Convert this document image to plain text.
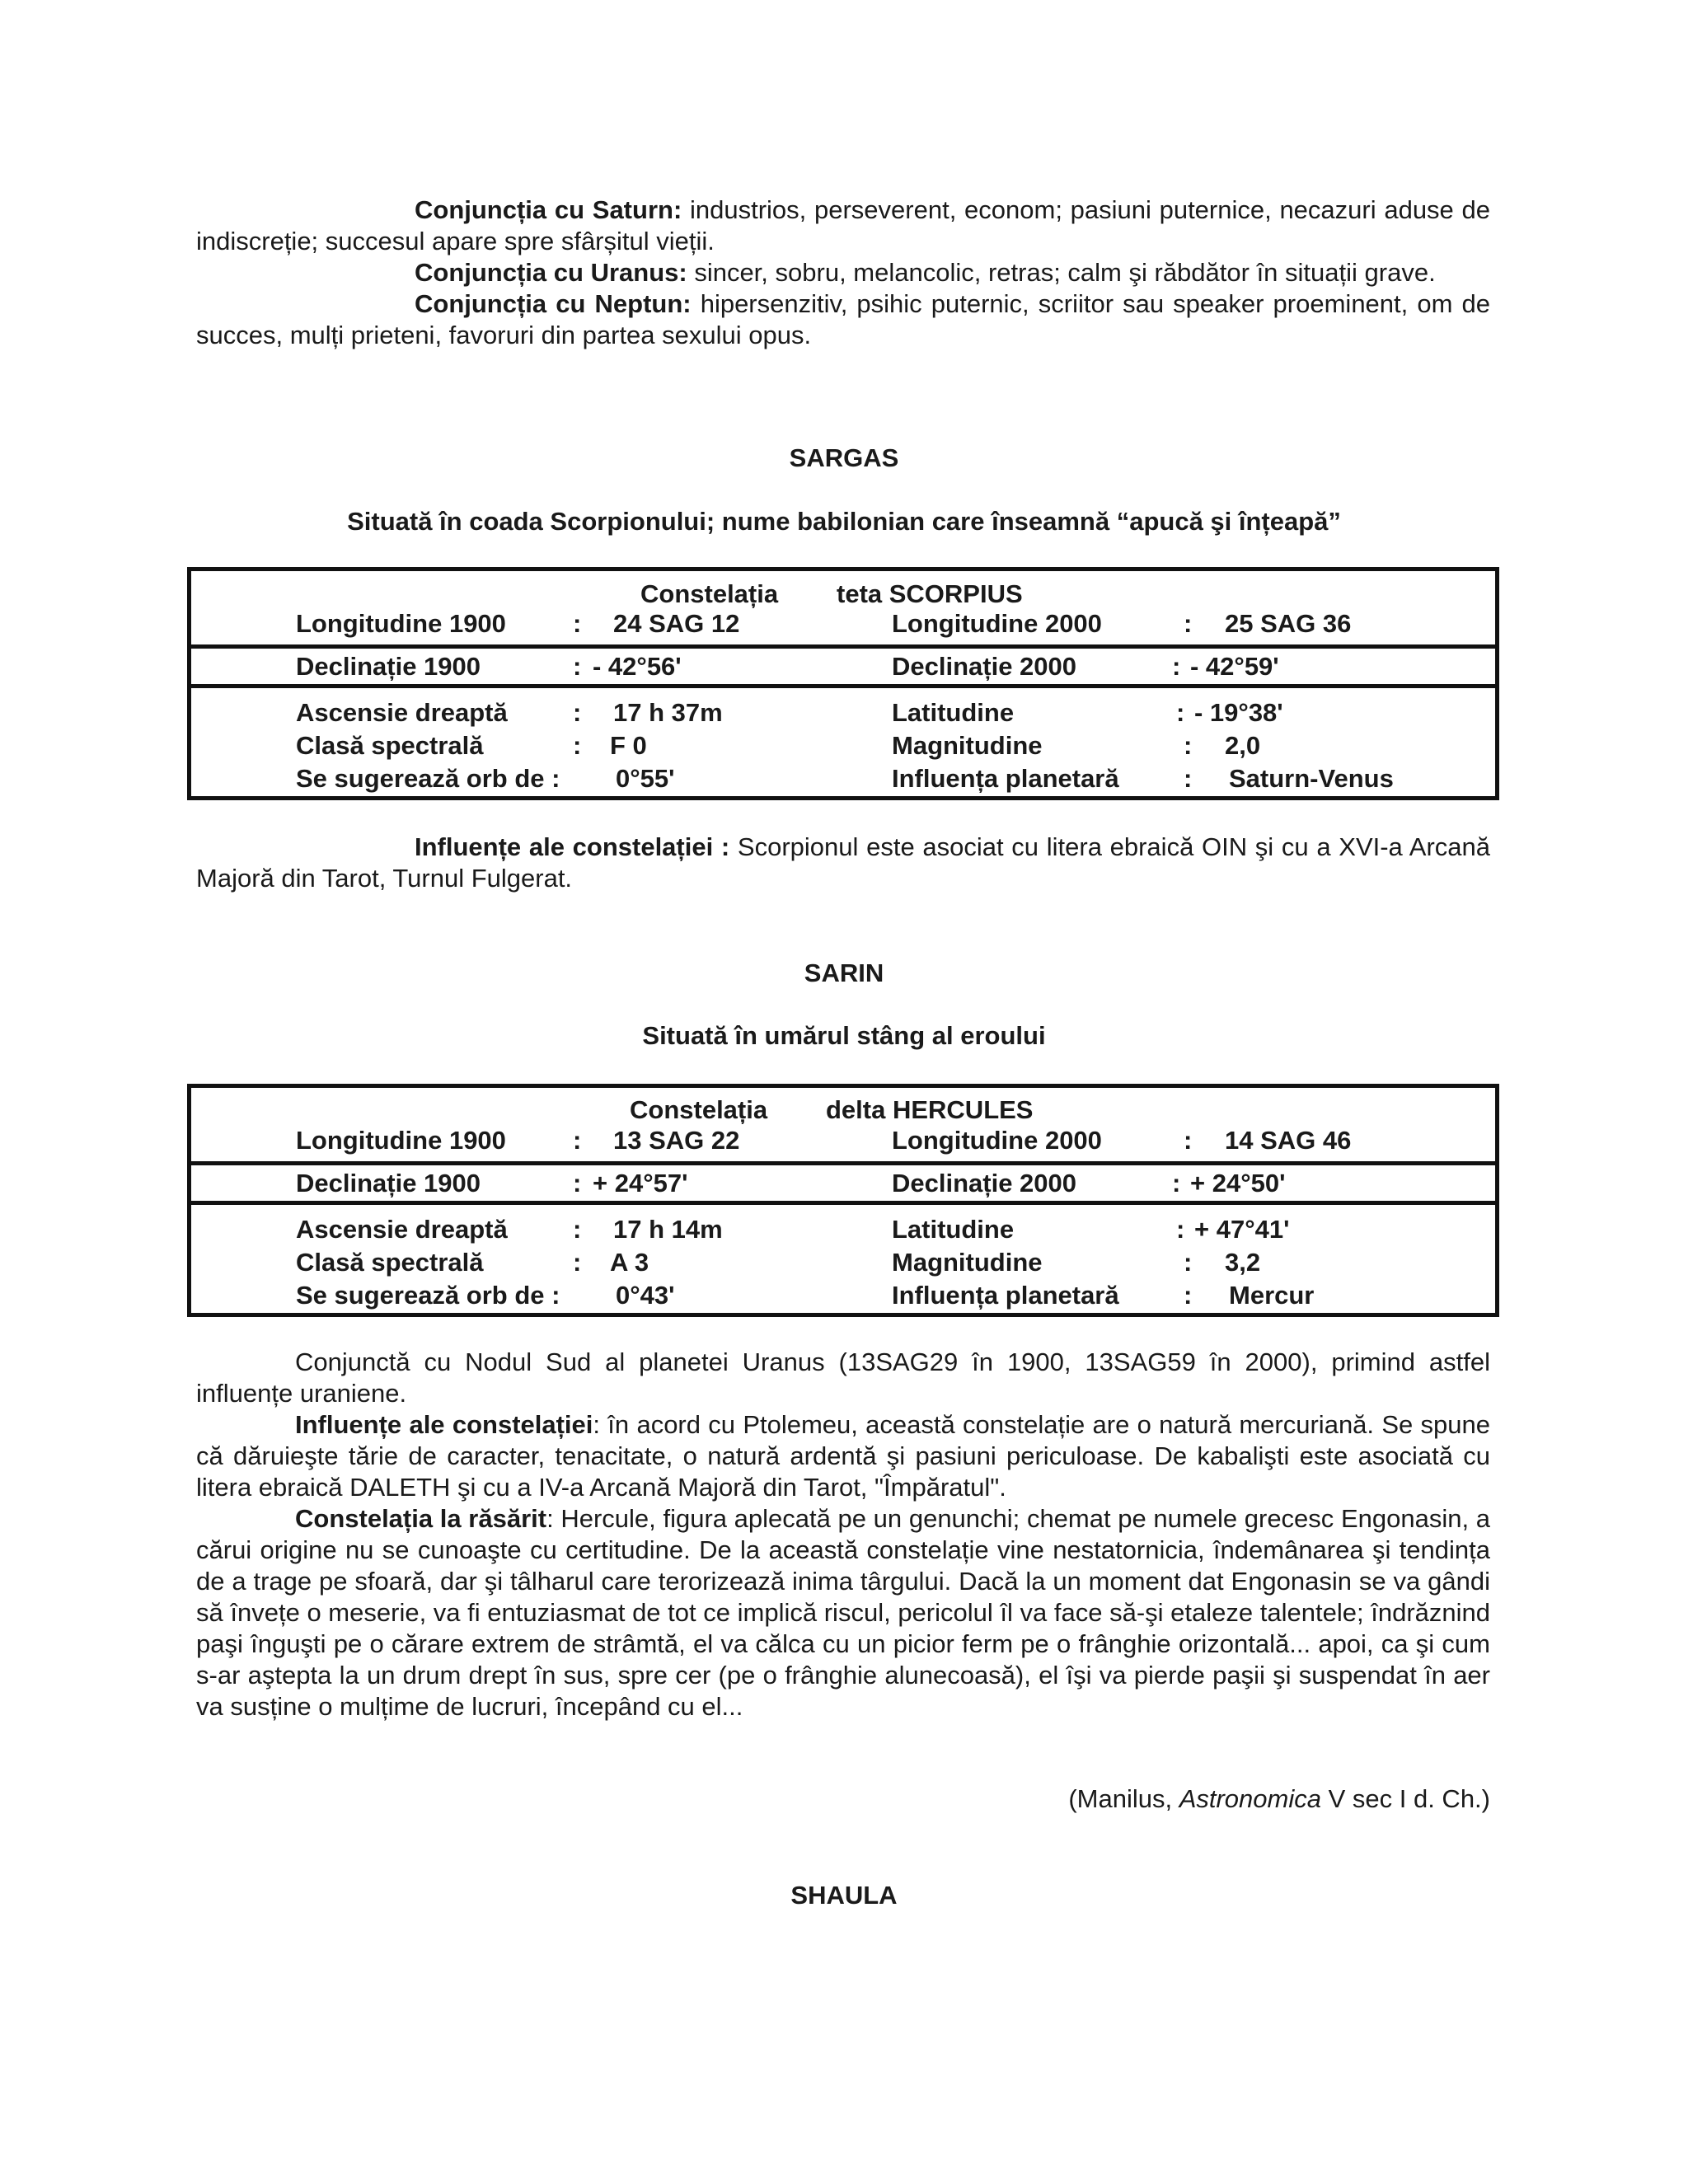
Conjuncția cu Saturn: industrios, perseverent, econom; pasiuni puternice, necazuri aduse de indiscreție; succesul apare spre sfârșitul vieții.

Conjuncția cu Uranus: sincer, sobru, melancolic, retras; calm şi răbdător în situații grave.

Conjuncția cu Neptun: hipersenzitiv, psihic puternic, scriitor sau speaker proeminent, om de succes, mulți prieteni, favoruri din partea sexului opus.

SARGAS
Situată în coada Scorpionului; nume babilonian care înseamnă “apucă şi înțeapă”
Constelația teta SCORPIUS
Longitudine 1900	: 24 SAG 12	Longitudine 2000	: 25 SAG 36
Declinație 1900	: - 42°56ʹ	Declinație 2000	: - 42°59ʹ
Ascensie dreaptă	: 17 h 37m	Latitudine	: - 19°38ʹ
Clasă spectrală	: F 0	Magnitudine	: 2,0
Se sugerează orb de : 0°55ʹ	Influența planetară	: Saturn-Venus

Influențe ale constelației : Scorpionul este asociat cu litera ebraică OIN şi cu a XVI-a Arcană Majoră din Tarot, Turnul Fulgerat.

SARIN
Situată în umărul stâng al eroului
Constelația delta HERCULES
Longitudine 1900	: 13 SAG 22	Longitudine 2000	: 14 SAG 46
Declinație 1900	: + 24°57ʹ	Declinație 2000	: + 24°50ʹ
Ascensie dreaptă	: 17 h 14m	Latitudine	: + 47°41ʹ
Clasă spectrală	: A 3	Magnitudine	: 3,2
Se sugerează orb de : 0°43ʹ	Influența planetară	: Mercur

Conjunctă cu Nodul Sud al planetei Uranus (13SAG29 în 1900, 13SAG59 în 2000), primind astfel influențe uraniene.

Influențe ale constelației: în acord cu Ptolemeu, această constelație are o natură mercuriană. Se spune că dăruieşte tărie de caracter, tenacitate, o natură ardentă şi pasiuni periculoase. De kabalişti este asociată cu litera ebraică DALETH şi cu a IV-a Arcană Majoră din Tarot, "Împăratul".

Constelația la răsărit: Hercule, figura aplecată pe un genunchi; chemat pe numele grecesc Engonasin, a cărui origine nu se cunoaşte cu certitudine. De la această constelație vine nestatornicia, îndemânarea şi tendința de a trage pe sfoară, dar şi tâlharul care terorizează inima târgului. Dacă la un moment dat Engonasin se va gândi să învețe o meserie, va fi entuziasmat de tot ce implică riscul, pericolul îl va face să-şi etaleze talentele; îndrăznind paşi înguşti pe o cărare extrem de strâmtă, el va călca cu un picior ferm pe o frânghie orizontală... apoi, ca şi cum s-ar aştepta la un drum drept în sus, spre cer (pe o frânghie alunecoasă), el îşi va pierde paşii şi suspendat în aer va susține o mulțime de lucruri, începând cu el...

(Manilus, Astronomica V sec I d. Ch.)
SHAULA
